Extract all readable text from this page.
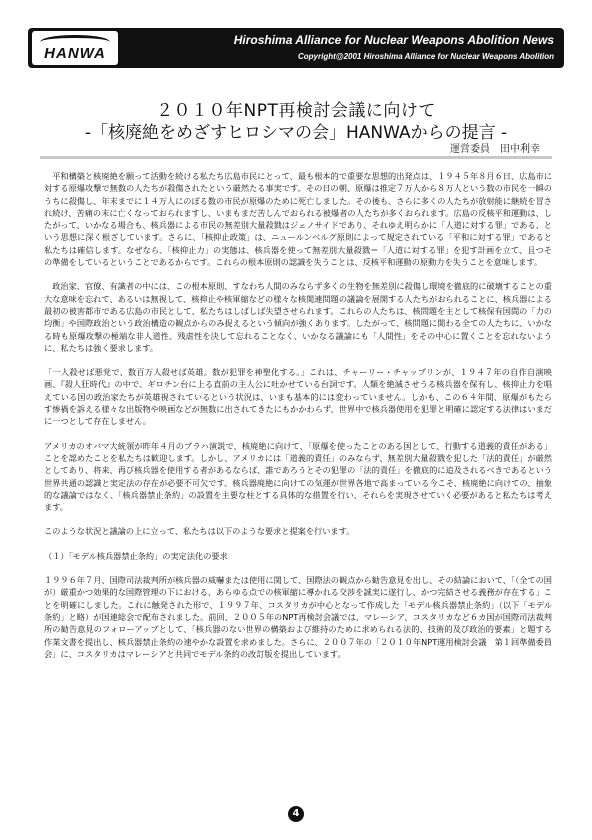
HANWA
Hiroshima Alliance for Nuclear Weapons Abolition News
Copyright@2001 Hiroshima Alliance for Nuclear Weapons Abolition
２０１０年NPT再検討会議に向けて
-「核廃絶をめざすヒロシマの会」HANWAからの提言 -
運営委員　田中利幸

平和構築と核廃絶を願って活動を続ける私たち広島市民にとって、最も根本的で重要な思想的出発点は、１９４５年８月６日、広島市に対する原爆攻撃で無数の人たちが殺傷されたという厳然たる事実です。その日の朝、原爆は推定７万人から８万人という数の市民を一瞬のうちに殺傷し、年末までに１４万人にのぼる数の市民が原爆のために死亡しました。その後も、さらに多くの人たちが放射能に継続を冒され続け、苦痛の末に亡くなっておられますし、いまもまだ苦しんでおられる被爆者の人たちが多くおられます。広島の反核平和運動は、したがって、いかなる場合も、核兵器による市民の無差別大量殺戮はジェノサイドであり、それゆえ明らかに「人道に対する罪」である、という思想に深く根ざしています。さらに、「核抑止政策」は、ニュールンベルグ原則によって規定されている「平和に対する罪」であると私たちは確信します。なぜなら、「核抑止力」の実態は、核兵器を使って無差別大量殺戮＝「人道に対する罪」を犯す計画を立て、且つその準備をしているということであるからです。これらの根本原則の認識を失うことは、反核平和運動の原動力を失うことを意味します。

政治家、官僚、有識者の中には、この根本原則、すなわち人間のみならず多くの生物を無差別に殺傷し環境を徹底的に破壊することの重大な意味を忘れて、あるいは無視して、核抑止や核軍縮などの様々な核関連問題の議論を展開する人たちがおられることに、核兵器による最初の被害都市である広島の市民として、私たちはしばしば失望させられます。これらの人たちは、核問題を主として核保有国間の「力の均衡」や国際政治という政治構造の観点からのみ捉えるという傾向が強くあります。したがって、核問題に関わる全ての人たちに、いかなる時も原爆攻撃の極端な非人道性、残虐性を決して忘れることなく、いかなる議論にも「人間性」をその中心に置くことを忘れないように、私たちは強く要求します。

「一人殺せば悪党で、数百万人殺せば英雄。数が犯罪を神聖化する。」これは、チャーリー・チャップリンが、１９４７年の自作自演映画、『殺人狂時代』の中で、ギロチン台に上る直前の主人公に吐かせている台詞です。人類を絶滅させうる核兵器を保有し、核抑止力を唱えている国の政治家たちが英雄視されているという状況は、いまも基本的には変わっていません。しかも、この６４年間、原爆がもたらす惨禍を訴える様々な出版物や映画などが無数に出されてきたにもかかわらず、世界中で核兵器使用を犯罪と明確に認定する法律はいまだに一つとして存在しません。

アメリカのオバマ大統領が昨年４月のプラハ演説で、核廃絶に向けて、「原爆を使ったことのある国として、行動する道義的責任がある」ことを認めたことを私たちは歓迎します。しかし、アメリカには「道義的責任」のみならず、無差別大量殺戮を犯した「法的責任」が厳然としてあり、将来、再び核兵器を使用する者があるならば、誰であろうとその犯罪の「法的責任」を徹底的に追及されるべきであるという世界共通の認識と実定法の存在が必要不可欠です。核兵器廃絶に向けての気運が世界各地で高まっている今こそ、核廃絶に向けての、抽象的な議論ではなく、「核兵器禁止条約」の設置を主要な柱とする具体的な措置を行い、それらを実現させていく必要があると私たちは考えます。

このような状況と議論の上に立って、私たちは以下のような要求と提案を行います。

（１）「モデル核兵器禁止条約」の実定法化の要求

１９９６年７月、国際司法裁判所が核兵器の威嚇または使用に関して、国際法の観点から勧告意見を出し、その結論において、「（全ての国が）厳重かつ効果的な国際管理の下における、あらゆる点での核軍縮に導かれる交渉を誠実に遂行し、かつ完結させる義務が存在する」ことを明確にしました。これに触発された形で、１９９７年、コスタリカが中心となって作成した「モデル核兵器禁止条約」（以下「モデル条約」と略）が国連総会で配布されました。前回、２００５年のNPT再検討会議では、マレーシア、コスタリカなど６カ国が国際司法裁判所の勧告意見のフォローアップとして、「核兵器のない世界の構築および維持のために求められる法的、技術的及び政治的要素」と題する作業文書を提出し、核兵器禁止条約の速やかな設置を求めました。さらに、２００７年の「２０１０年NPT運用検討会議　第１回準備委員会」に、コスタリカはマレーシアと共同でモデル条約の改訂版を提出しています。

4
